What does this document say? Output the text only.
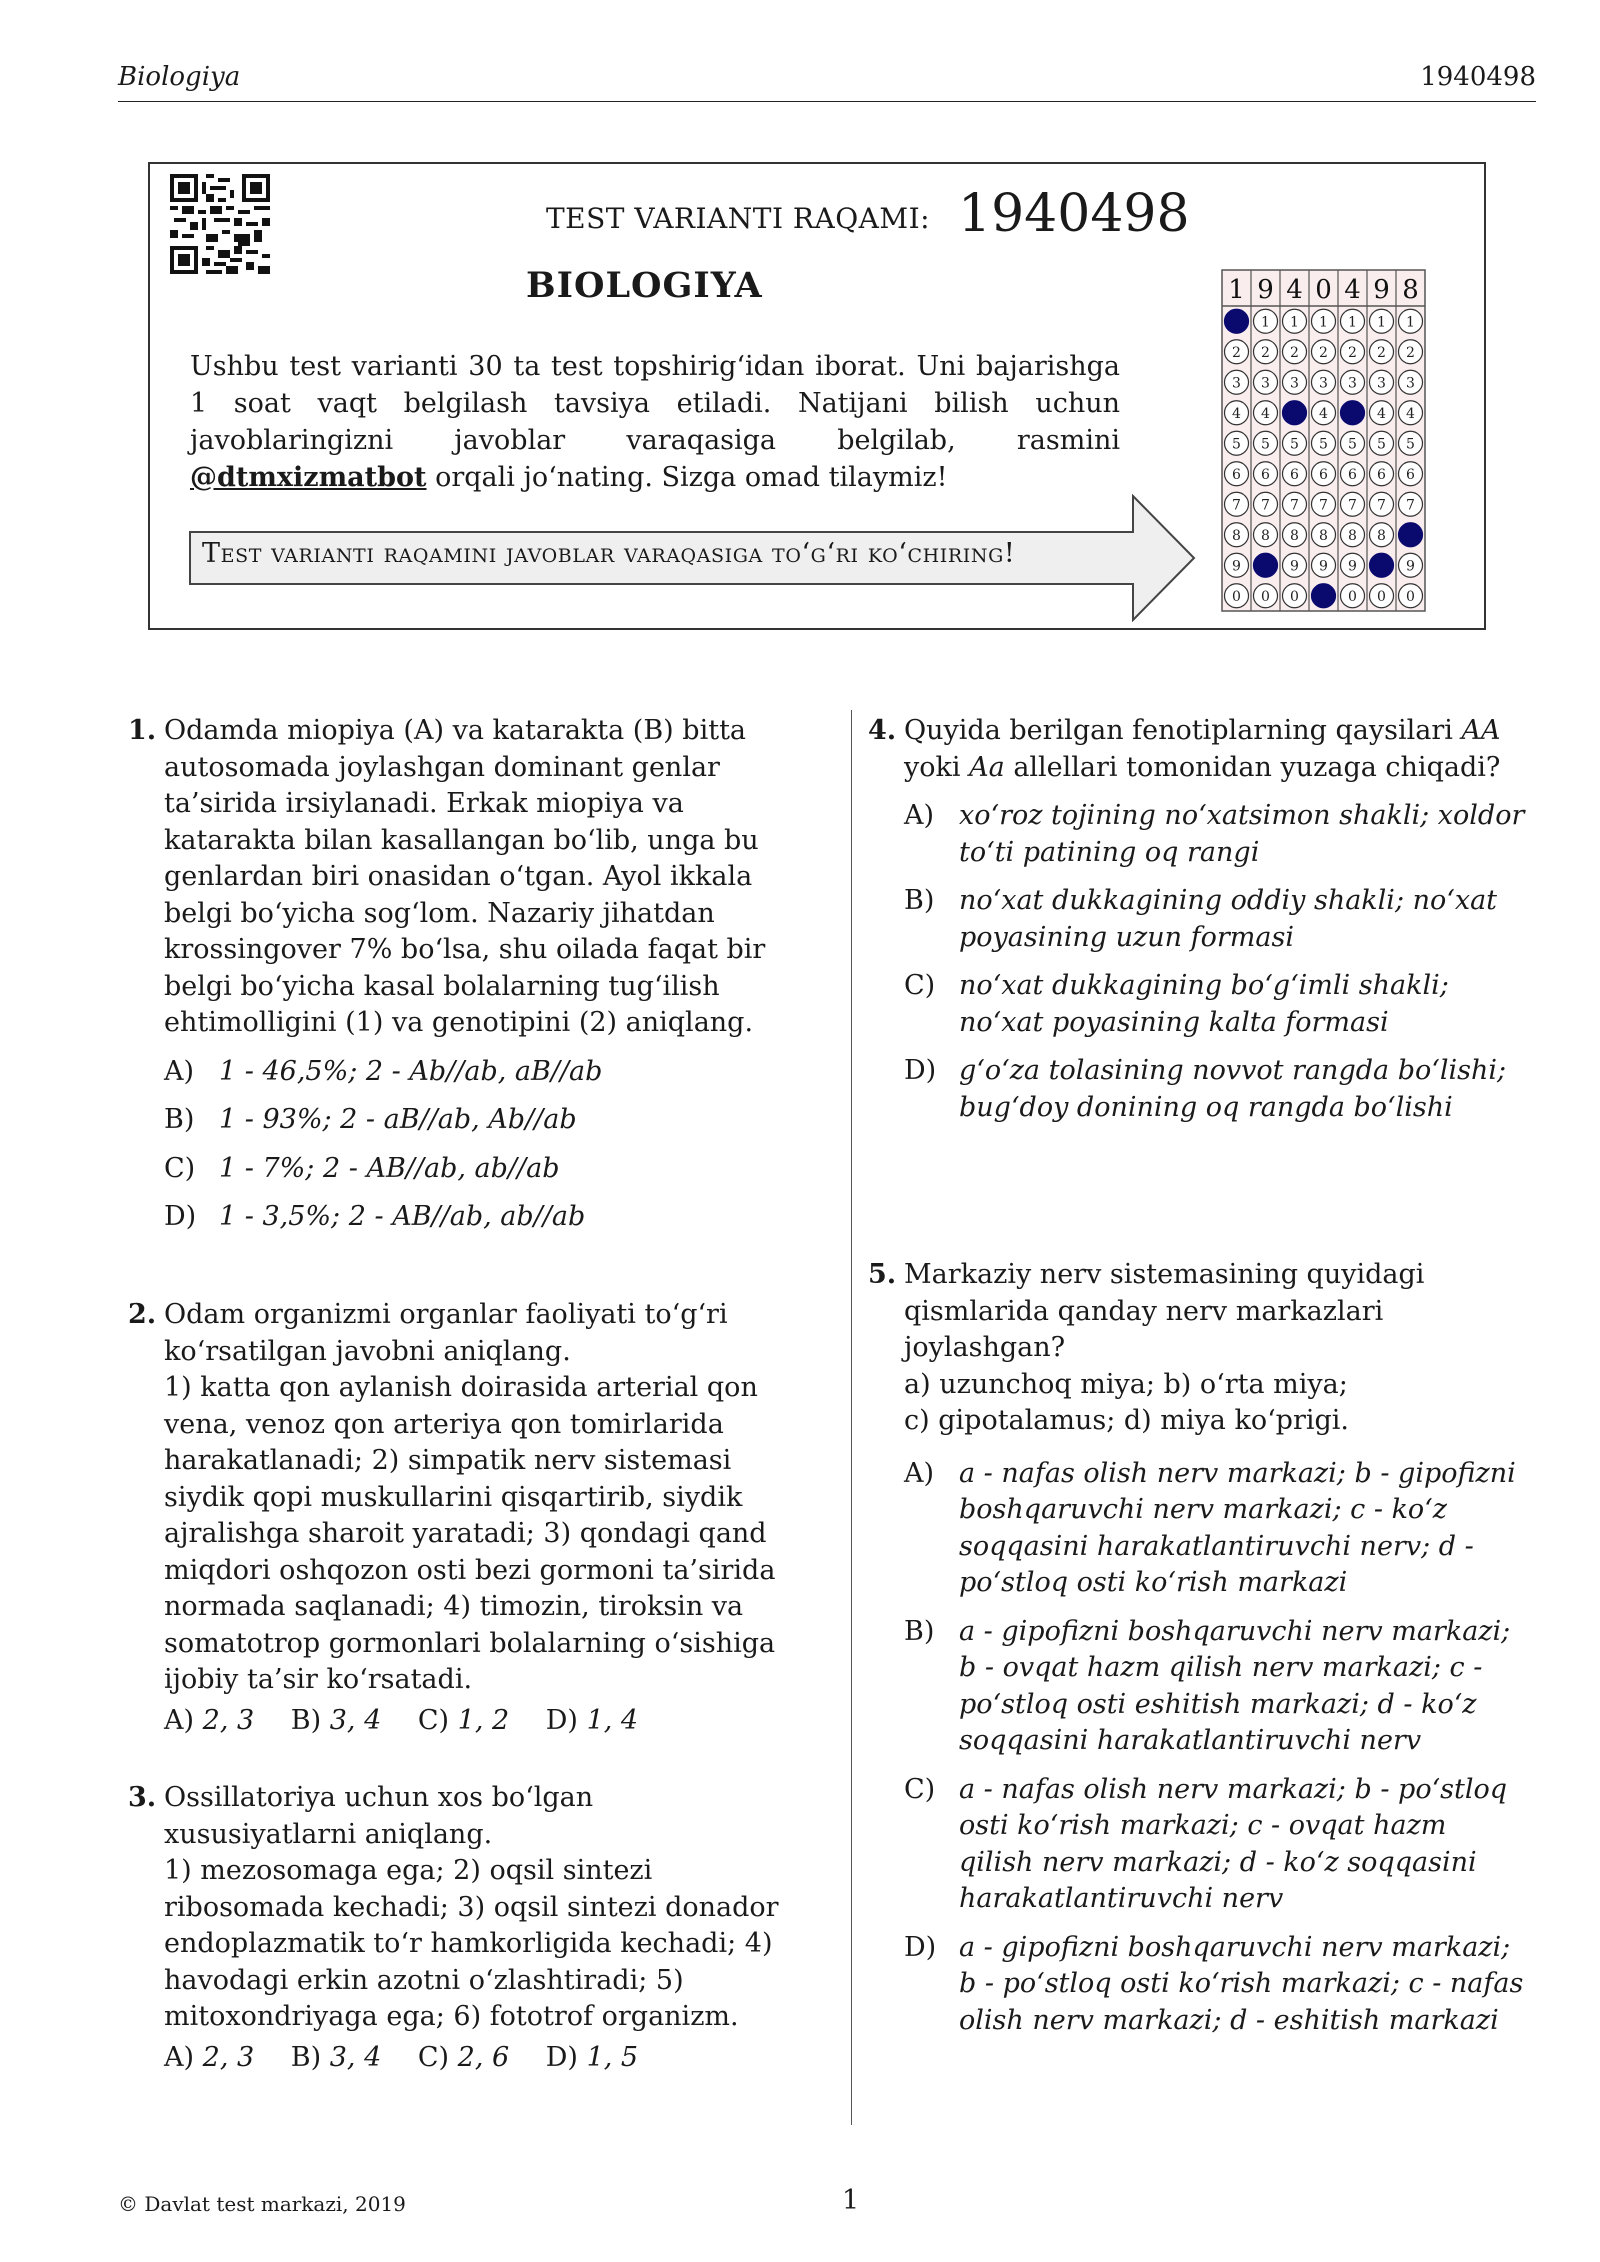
Biologiya	1940498
TEST VARIANTI RAQAMI: 1940498
BIOLOGIYA
Ushbu test varianti 30 ta test topshirig‘idan iborat. Uni bajarishga 1 soat vaqt belgilash tavsiya etiladi. Natijani bilish uchun javoblaringizni javoblar varaqasiga belgilab, rasmini @dtmxizmatbot orqali jo‘nating. Sizga omad tilaymiz!
Test varianti raqamini javoblar varaqasiga to‘g‘ri ko‘chiring!
1
2
3
4
5
6
7
8
9
0
9
1
2
3
4
5
6
7
8
0
4
1
2
3
5
6
7
8
9
0
0
1
2
3
4
5
6
7
8
9
4
1
2
3
5
6
7
8
9
0
9
1
2
3
4
5
6
7
8
0
8
1
2
3
4
5
6
7
9
0
1. Odamda miopiya (A) va katarakta (B) bitta autosomada joylashgan dominant genlar ta’sirida irsiylanadi. Erkak miopiya va katarakta bilan kasallangan bo‘lib, unga bu genlardan biri onasidan o‘tgan. Ayol ikkala belgi bo‘yicha sog‘lom. Nazariy jihatdan krossingover 7% bo‘lsa, shu oilada faqat bir belgi bo‘yicha kasal bolalarning tug‘ilish ehtimolligini (1) va genotipini (2) aniqlang.
A) 1 - 46,5%; 2 - Ab//ab, aB//ab
B) 1 - 93%; 2 - aB//ab, Ab//ab
C) 1 - 7%; 2 - AB//ab, ab//ab
D) 1 - 3,5%; 2 - AB//ab, ab//ab
2. Odam organizmi organlar faoliyati to‘g‘ri ko‘rsatilgan javobni aniqlang.
1) katta qon aylanish doirasida arterial qon vena, venoz qon arteriya qon tomirlarida harakatlanadi; 2) simpatik nerv sistemasi siydik qopi muskullarini qisqartirib, siydik ajralishga sharoit yaratadi; 3) qondagi qand miqdori oshqozon osti bezi gormoni ta’sirida normada saqlanadi; 4) timozin, tiroksin va somatotrop gormonlari bolalarning o‘sishiga ijobiy ta’sir ko‘rsatadi.
A) 2, 3 B) 3, 4 C) 1, 2 D) 1, 4
3. Ossillatoriya uchun xos bo‘lgan xususiyatlarni aniqlang.
1) mezosomaga ega; 2) oqsil sintezi ribosomada kechadi; 3) oqsil sintezi donador endoplazmatik to‘r hamkorligida kechadi; 4) havodagi erkin azotni o‘zlashtiradi; 5) mitoxondriyaga ega; 6) fototrof organizm.
A) 2, 3 B) 3, 4 C) 2, 6 D) 1, 5
4. Quyida berilgan fenotiplarning qaysilari AA yoki Aa allellari tomonidan yuzaga chiqadi?
A) xo‘roz tojining no‘xatsimon shakli; xoldor to‘ti patining oq rangi
B) no‘xat dukkagining oddiy shakli; no‘xat poyasining uzun formasi
C) no‘xat dukkagining bo‘g‘imli shakli; no‘xat poyasining kalta formasi
D) g‘o‘za tolasining novvot rangda bo‘lishi; bug‘doy donining oq rangda bo‘lishi
5. Markaziy nerv sistemasining quyidagi qismlarida qanday nerv markazlari joylashgan?
a) uzunchoq miya; b) o‘rta miya;
c) gipotalamus; d) miya ko‘prigi.
A) a - nafas olish nerv markazi; b - gipofizni boshqaruvchi nerv markazi; c - ko‘z soqqasini harakatlantiruvchi nerv; d - po‘stloq osti ko‘rish markazi
B) a - gipofizni boshqaruvchi nerv markazi; b - ovqat hazm qilish nerv markazi; c - po‘stloq osti eshitish markazi; d - ko‘z soqqasini harakatlantiruvchi nerv
C) a - nafas olish nerv markazi; b - po‘stloq osti ko‘rish markazi; c - ovqat hazm qilish nerv markazi; d - ko‘z soqqasini harakatlantiruvchi nerv
D) a - gipofizni boshqaruvchi nerv markazi; b - po‘stloq osti ko‘rish markazi; c - nafas olish nerv markazi; d - eshitish markazi
© Davlat test markazi, 2019	1
